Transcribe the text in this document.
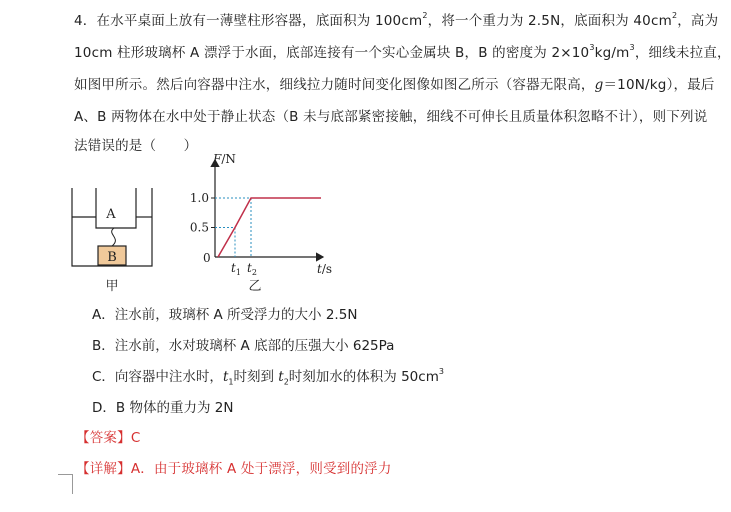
4．在水平桌面上放有一薄壁柱形容器，底面积为 $100cm^2$，将一个重力为 2.5N，底面积为 $40cm^2$，高为
10cm 柱形玻璃杯 A 漂浮于水面，底部连接有一个实心金属块 B，B 的密度为 $2\times 10^3kg/m^3$，细线未拉直，
如图甲所示。然后向容器中注水，细线拉力随时间变化图像如图乙所示（容器无限高，g＝10N/kg），最后
A、B 两物体在水中处于静止状态（B 未与底部紧密接触，细线不可伸长且质量体积忽略不计），则下列说
法错误的是（　　）
A
B
甲
F/N
t/s
0
0.5
1.0
$t_1$ $t_2$
乙
A．注水前，玻璃杯 A 所受浮力的大小 2.5N
B．注水前，水对玻璃杯 A 底部的压强大小 625Pa
C．向容器中注水时，$t_1$时刻到 $t_2$时刻加水的体积为 $50cm^3$
D．B 物体的重力为 2N
【答案】C
【详解】A．由于玻璃杯 A 处于漂浮，则受到的浮力
